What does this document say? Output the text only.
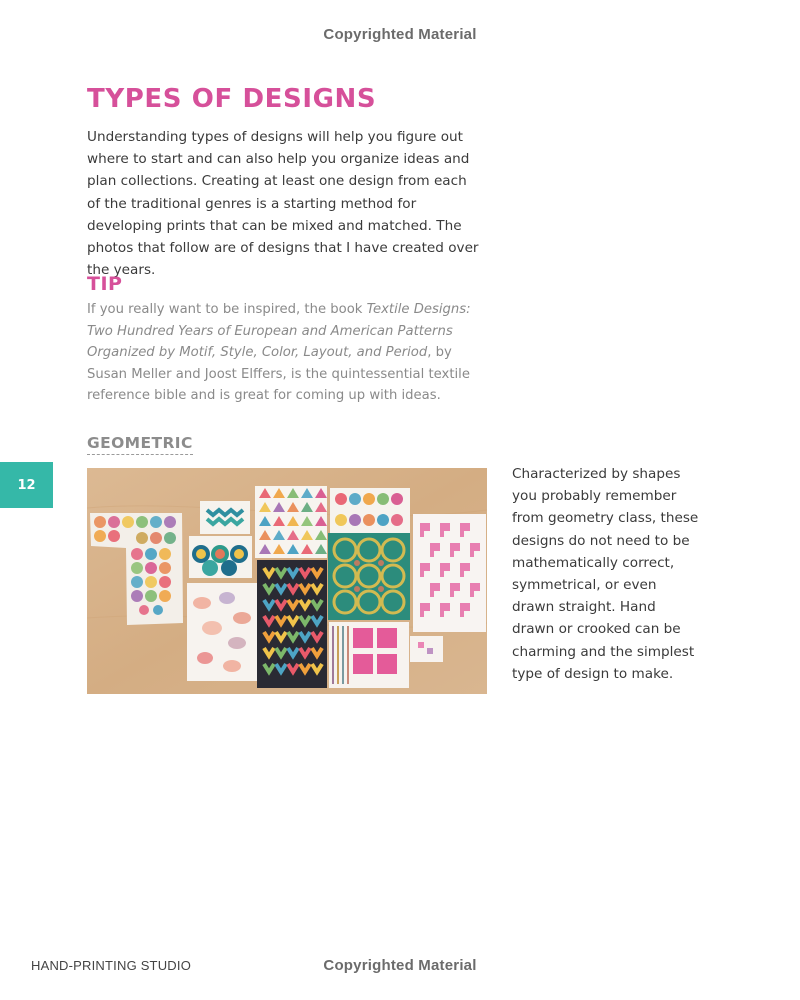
Copyrighted Material
TYPES OF DESIGNS

Understanding types of designs will help you figure out where to start and can also help you organize ideas and plan collections. Creating at least one design from each of the traditional genres is a starting method for developing prints that can be mixed and matched. The photos that follow are of designs that I have created over the years.

TIP

If you really want to be inspired, the book Textile Designs: Two Hundred Years of European and American Patterns Organized by Motif, Style, Color, Layout, and Period, by Susan Meller and Joost Elffers, is the quintessential textile reference bible and is great for coming up with ideas.

GEOMETRIC
12

Characterized by shapes you probably remember from geometry class, these designs do not need to be mathematically correct, symmetrical, or even drawn straight. Hand drawn or crooked can be charming and the simplest type of design to make.

HAND-PRINTING STUDIO	Copyrighted Material
